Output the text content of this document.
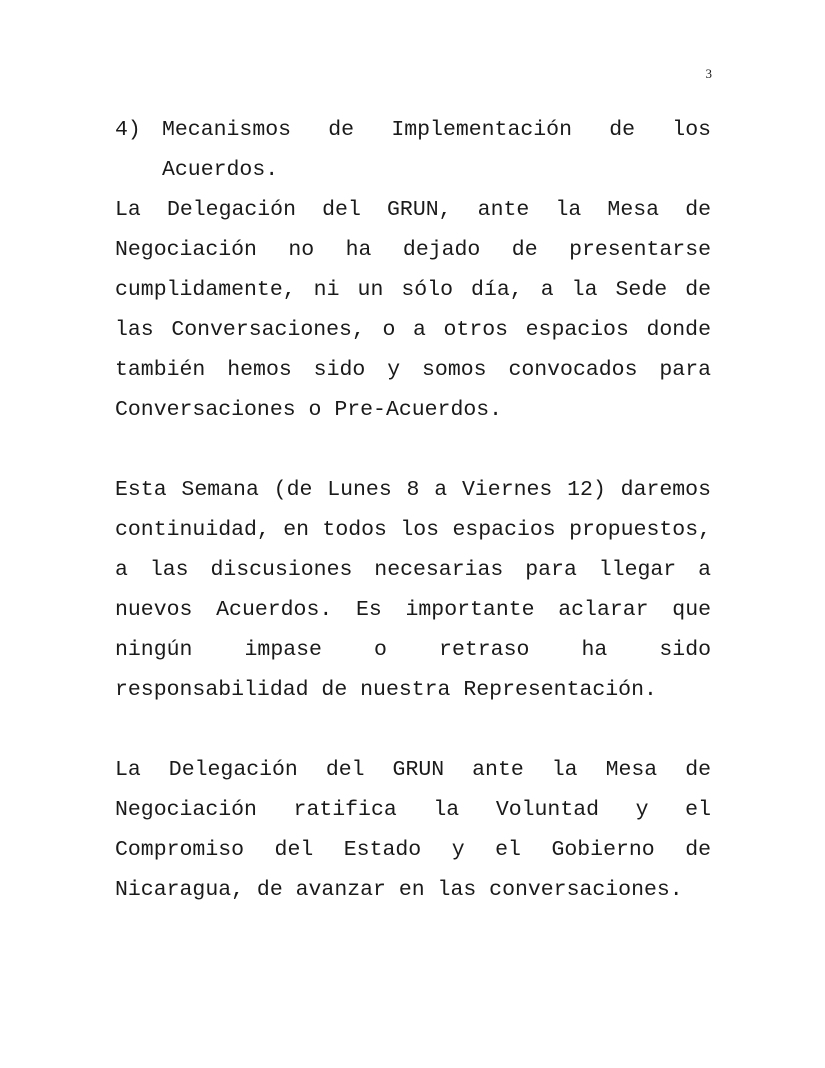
3
4) Mecanismos de Implementación de los Acuerdos.

La Delegación del GRUN, ante la Mesa de Negociación no ha dejado de presentarse cumplidamente, ni un sólo día, a la Sede de las Conversaciones, o a otros espacios donde también hemos sido y somos convocados para Conversaciones o Pre-Acuerdos.

Esta Semana (de Lunes 8 a Viernes 12) daremos continuidad, en todos los espacios propuestos, a las discusiones necesarias para llegar a nuevos Acuerdos. Es importante aclarar que ningún impase o retraso ha sido responsabilidad de nuestra Representación.

La Delegación del GRUN ante la Mesa de Negociación ratifica la Voluntad y el Compromiso del Estado y el Gobierno de Nicaragua, de avanzar en las conversaciones.
